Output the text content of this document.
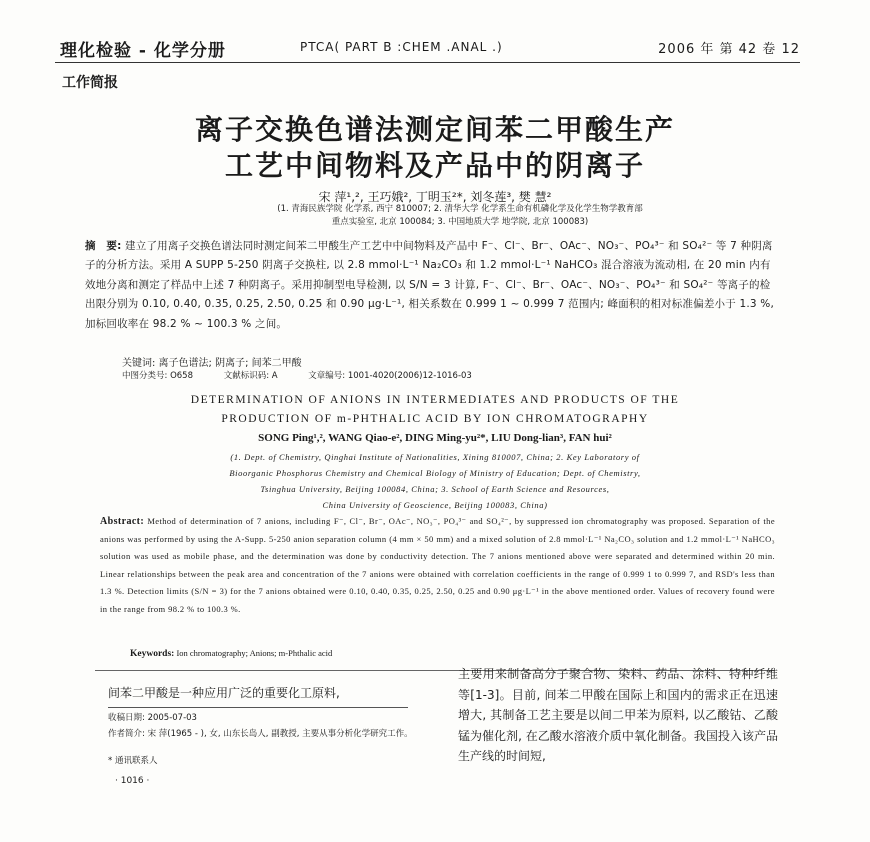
理化检验 - 化学分册	PTCA( PART B :CHEM .ANAL .)	2006 年 第 42 卷 12
工作简报
离子交换色谱法测定间苯二甲酸生产
工艺中间物料及产品中的阴离子
宋 萍¹,², 王巧娥², 丁明玉²*, 刘冬莲³, 樊 慧²
(1. 青海民族学院 化学系, 西宁 810007; 2. 清华大学 化学系生命有机磷化学及化学生物学教育部
重点实验室, 北京 100084; 3. 中国地质大学 地学院, 北京 100083)
摘　要: 建立了用离子交换色谱法同时测定间苯二甲酸生产工艺中中间物料及产品中 F⁻、Cl⁻、Br⁻、OAc⁻、NO₃⁻、PO₄³⁻ 和 SO₄²⁻ 等 7 种阴离子的分析方法。采用 A SUPP 5-250 阴离子交换柱, 以 2.8 mmol·L⁻¹ Na₂CO₃ 和 1.2 mmol·L⁻¹ NaHCO₃ 混合溶液为流动相, 在 20 min 内有效地分离和测定了样品中上述 7 种阴离子。采用抑制型电导检测, 以 S/N = 3 计算, F⁻、Cl⁻、Br⁻、OAc⁻、NO₃⁻、PO₄³⁻ 和 SO₄²⁻ 等离子的检出限分别为 0.10, 0.40, 0.35, 0.25, 2.50, 0.25 和 0.90 μg·L⁻¹, 相关系数在 0.999 1 ~ 0.999 7 范围内; 峰面积的相对标准偏差小于 1.3 %, 加标回收率在 98.2 % ~ 100.3 % 之间。
关键词: 离子色谱法; 阴离子; 间苯二甲酸
中图分类号: O658	文献标识码: A	文章编号: 1001-4020(2006)12-1016-03
DETERMINATION OF ANIONS IN INTERMEDIATES AND PRODUCTS OF THE
PRODUCTION OF m-PHTHALIC ACID BY ION CHROMATOGRAPHY
SONG Ping¹,², WANG Qiao-e², DING Ming-yu²*, LIU Dong-lian³, FAN hui²
(1. Dept. of Chemistry, Qinghai Institute of Nationalities, Xining 810007, China; 2. Key Laboratory of
Bioorganic Phosphorus Chemistry and Chemical Biology of Ministry of Education; Dept. of Chemistry,
Tsinghua University, Beijing 100084, China; 3. School of Earth Science and Resources,
China University of Geoscience, Beijing 100083, China)
Abstract: Method of determination of 7 anions, including F⁻, Cl⁻, Br⁻, OAc⁻, NO₃⁻, PO₄³⁻ and SO₄²⁻, by suppressed ion chromatography was proposed. Separation of the anions was performed by using the A-Supp. 5-250 anion separation column (4 mm × 50 mm) and a mixed solution of 2.8 mmol·L⁻¹ Na₂CO₃ solution and 1.2 mmol·L⁻¹ NaHCO₃ solution was used as mobile phase, and the determination was done by conductivity detection. The 7 anions mentioned above were separated and determined within 20 min. Linear relationships between the peak area and concentration of the 7 anions were obtained with correlation coefficients in the range of 0.999 1 to 0.999 7, and RSD's less than 1.3 %. Detection limits (S/N = 3) for the 7 anions obtained were 0.10, 0.40, 0.35, 0.25, 2.50, 0.25 and 0.90 μg·L⁻¹ in the above mentioned order. Values of recovery found were in the range from 98.2 % to 100.3 %.
Keywords: Ion chromatography; Anions; m-Phthalic acid
间苯二甲酸是一种应用广泛的重要化工原料,
主要用来制备高分子聚合物、染料、药品、涂料、特种纤维等[1-3]。目前, 间苯二甲酸在国际上和国内的需求正在迅速增大, 其制备工艺主要是以间二甲苯为原料, 以乙酸钴、乙酸锰为催化剂, 在乙酸水溶液介质中氧化制备。我国投入该产品生产线的时间短,
收稿日期: 2005-07-03
作者简介: 宋 萍(1965 - ), 女, 山东长岛人, 副教授, 主要从事分析化学研究工作。
* 通讯联系人
· 1016 ·
